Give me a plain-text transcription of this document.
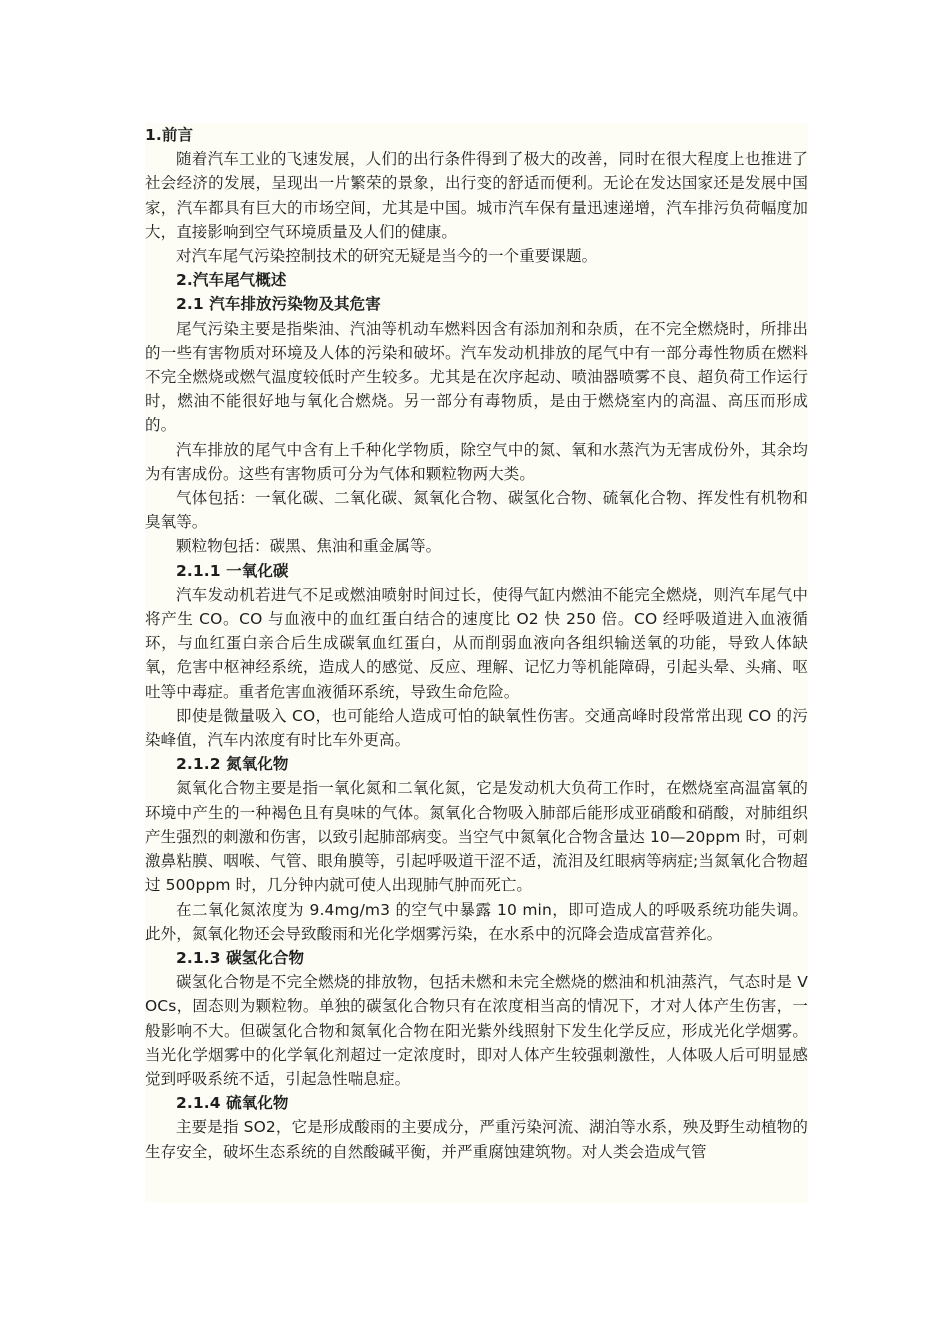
1.前言

随着汽车工业的飞速发展，人们的出行条件得到了极大的改善，同时在很大程度上也推进了社会经济的发展，呈现出一片繁荣的景象，出行变的舒适而便利。无论在发达国家还是发展中国家，汽车都具有巨大的市场空间，尤其是中国。城市汽车保有量迅速递增，汽车排污负荷幅度加大，直接影响到空气环境质量及人们的健康。

对汽车尾气污染控制技术的研究无疑是当今的一个重要课题。

2.汽车尾气概述

2.1 汽车排放污染物及其危害

尾气污染主要是指柴油、汽油等机动车燃料因含有添加剂和杂质，在不完全燃烧时，所排出的一些有害物质对环境及人体的污染和破坏。汽车发动机排放的尾气中有一部分毒性物质在燃料不完全燃烧或燃气温度较低时产生较多。尤其是在次序起动、喷油器喷雾不良、超负荷工作运行时，燃油不能很好地与氧化合燃烧。另一部分有毒物质，是由于燃烧室内的高温、高压而形成的。

汽车排放的尾气中含有上千种化学物质，除空气中的氮、氧和水蒸汽为无害成份外，其余均为有害成份。这些有害物质可分为气体和颗粒物两大类。

气体包括：一氧化碳、二氧化碳、氮氧化合物、碳氢化合物、硫氧化合物、挥发性有机物和臭氧等。

颗粒物包括：碳黑、焦油和重金属等。

2.1.1 一氧化碳

汽车发动机若进气不足或燃油喷射时间过长，使得气缸内燃油不能完全燃烧，则汽车尾气中将产生 CO。CO 与血液中的血红蛋白结合的速度比 O2 快 250 倍。CO 经呼吸道进入血液循环，与血红蛋白亲合后生成碳氧血红蛋白，从而削弱血液向各组织输送氧的功能，导致人体缺氧，危害中枢神经系统，造成人的感觉、反应、理解、记忆力等机能障碍，引起头晕、头痛、呕吐等中毒症。重者危害血液循环系统，导致生命危险。

即使是微量吸入 CO，也可能给人造成可怕的缺氧性伤害。交通高峰时段常常出现 CO 的污染峰值，汽车内浓度有时比车外更高。

2.1.2 氮氧化物

氮氧化合物主要是指一氧化氮和二氧化氮，它是发动机大负荷工作时，在燃烧室高温富氧的环境中产生的一种褐色且有臭味的气体。氮氧化合物吸入肺部后能形成亚硝酸和硝酸，对肺组织产生强烈的刺激和伤害，以致引起肺部病变。当空气中氮氧化合物含量达 10—20ppm 时，可刺激鼻粘膜、咽喉、气管、眼角膜等，引起呼吸道干涩不适，流泪及红眼病等病症;当氮氧化合物超过 500ppm 时，几分钟内就可使人出现肺气肿而死亡。

在二氧化氮浓度为 9.4mg/m3 的空气中暴露 10 min，即可造成人的呼吸系统功能失调。此外，氮氧化物还会导致酸雨和光化学烟雾污染，在水系中的沉降会造成富营养化。

2.1.3 碳氢化合物

碳氢化合物是不完全燃烧的排放物，包括未燃和未完全燃烧的燃油和机油蒸汽，气态时是 VOCs，固态则为颗粒物。单独的碳氢化合物只有在浓度相当高的情况下，才对人体产生伤害，一般影响不大。但碳氢化合物和氮氧化合物在阳光紫外线照射下发生化学反应，形成光化学烟雾。当光化学烟雾中的化学氧化剂超过一定浓度时，即对人体产生较强刺激性，人体吸人后可明显感觉到呼吸系统不适，引起急性喘息症。

2.1.4 硫氧化物

主要是指 SO2，它是形成酸雨的主要成分，严重污染河流、湖泊等水系，殃及野生动植物的生存安全，破坏生态系统的自然酸碱平衡，并严重腐蚀建筑物。对人类会造成气管
